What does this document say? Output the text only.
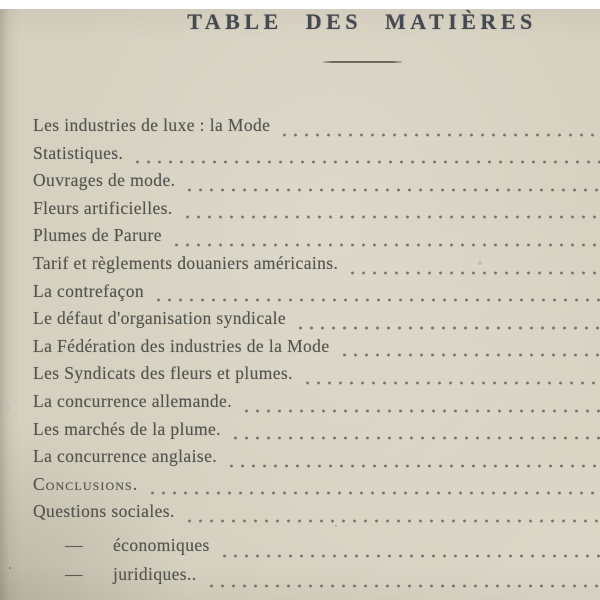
TABLE DES MATIÈRES
Les industries de luxe : la Mode
Statistiques.
Ouvrages de mode.
Fleurs artificielles.
Plumes de Parure
Tarif et règlements douaniers américains.
La contrefaçon
Le défaut d'organisation syndicale
La Fédération des industries de la Mode
Les Syndicats des fleurs et plumes.
La concurrence allemande.
Les marchés de la plume.
La concurrence anglaise.
Conclusions.
Questions sociales.
—	économiques
—	juridiques..
